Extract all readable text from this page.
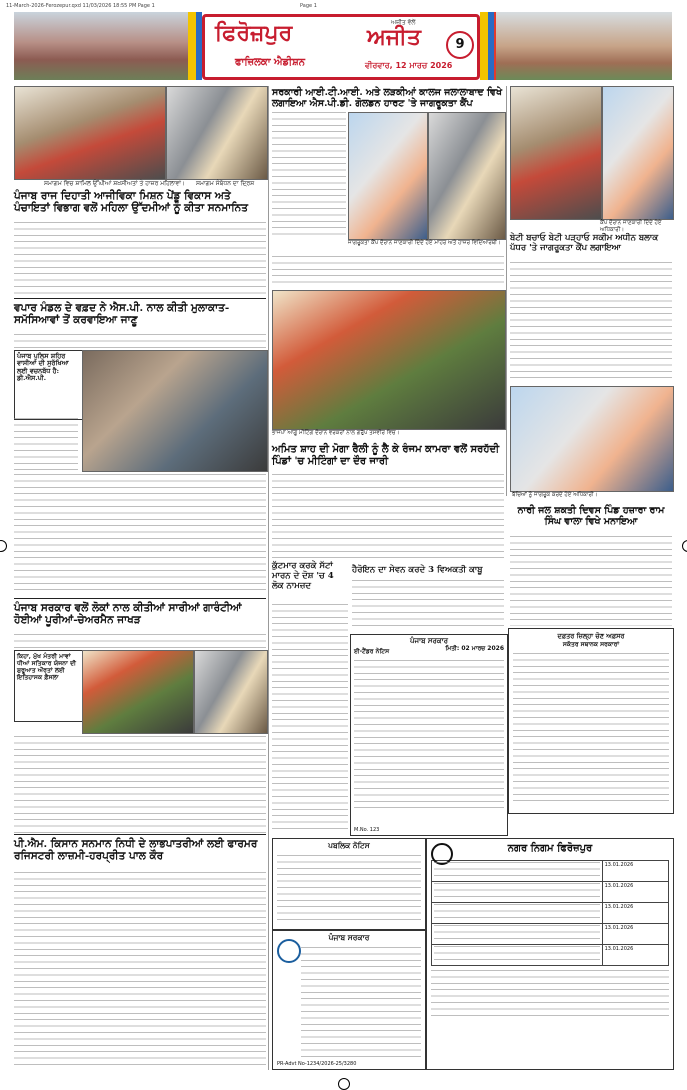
11-March-2026-Ferozepur.qxd 11/03/2026 18:55 PM Page 1	Page 1
ਫਿਰੋਜ਼ਪੁਰ	ਅਜੀਤ ਵੱਲੋਂ
ਅਜੀਤ
ਫਾਜ਼ਿਲਕਾ ਐਡੀਸ਼ਨ	ਵੀਰਵਾਰ, 12 ਮਾਰਚ 2026
9
ਸਮਾਗਮ ਵਿਚ ਸ਼ਾਮਿਲ ਉੱਘੀਆਂ ਸ਼ਖ਼ਸੀਅਤਾਂ ਤੇ ਹਾਜ਼ਰ ਮਹਿਲਾਵਾਂ। ਸਮਾਗਮ ਸੰਬੋਧਨ ਦਾ ਦ੍ਰਿਸ਼
ਪੰਜਾਬ ਰਾਜ ਦਿਹਾਤੀ ਆਜੀਵਿਕਾ ਮਿਸ਼ਨ ਪੇਂਡੂ ਵਿਕਾਸ ਅਤੇ ਪੰਚਾਇਤਾਂ ਵਿਭਾਗ ਵਲੋਂ ਮਹਿਲਾ ਉੱਦਮੀਆਂ ਨੂੰ ਕੀਤਾ ਸਨਮਾਨਿਤ
ਵਪਾਰ ਮੰਡਲ ਦੇ ਵਫ਼ਦ ਨੇ ਐਸ.ਪੀ. ਨਾਲ ਕੀਤੀ ਮੁਲਾਕਾਤ-ਸਮੱਸਿਆਵਾਂ ਤੋਂ ਕਰਵਾਇਆ ਜਾਣੂ
ਪੰਜਾਬ ਪੁਲਿਸ ਸ਼ਹਿਰ ਵਾਸੀਆਂ ਦੀ ਸੁਰੱਖਿਆ ਲਈ ਵਚਨਬੱਧ ਹੈ: ਡੀ.ਐਸ.ਪੀ.
ਪੰਜਾਬ ਸਰਕਾਰ ਵਲੋਂ ਲੋਕਾਂ ਨਾਲ ਕੀਤੀਆਂ ਸਾਰੀਆਂ ਗਾਰੰਟੀਆਂ ਹੋਈਆਂ ਪੂਰੀਆਂ-ਚੇਅਰਮੈਨ ਜਾਖੜ
ਕਿਹਾ, ਮੁੱਖ ਮੰਤਰੀ ਮਾਵਾਂ ਧੀਆਂ ਸਤਿਕਾਰ ਯੋਜਨਾ ਦੀ ਸ਼ੁਰੂਆਤ ਔਰਤਾਂ ਲਈ ਇਤਿਹਾਸਕ ਫ਼ੈਸਲਾ
ਪੀ.ਐਮ. ਕਿਸਾਨ ਸਨਮਾਨ ਨਿਧੀ ਦੇ ਲਾਭਪਾਤਰੀਆਂ ਲਈ ਫਾਰਮਰ ਰਜਿਸਟਰੀ ਲਾਜ਼ਮੀ-ਹਰਪ੍ਰੀਤ ਪਾਲ ਕੌਰ
ਸਰਕਾਰੀ ਆਈ.ਟੀ.ਆਈ. ਅਤੇ ਲੜਕੀਆਂ ਕਾਲਜ ਜਲਾਲਾਬਾਦ ਵਿਖੇ ਲਗਾਇਆ ਐਸ.ਪੀ.ਡੀ. ਗੋਲਡਨ ਹਾਰਟ 'ਤੇ ਜਾਗਰੂਕਤਾ ਕੈਂਪ
ਜਾਗਰੂਕਤਾ ਕੈਂਪ ਦੌਰਾਨ ਜਾਣਕਾਰੀ ਦਿੰਦੇ ਹੋਏ ਮਾਹਰ ਅਤੇ ਹਾਜ਼ਰ ਵਿਦਿਆਰਥੀ।
ਭਾਜਪਾ ਆਗੂ ਮੀਟਿੰਗ ਦੌਰਾਨ ਵਰਕਰਾਂ ਨਾਲ ਗਰੁੱਪ ਤਸਵੀਰ ਵਿਚ।
ਅਮਿਤ ਸ਼ਾਹ ਦੀ ਮੋਗਾ ਰੈਲੀ ਨੂੰ ਲੈ ਕੇ ਰੰਜਮ ਕਾਮਰਾ ਵਲੋਂ ਸਰਹੱਦੀ ਪਿੰਡਾਂ 'ਚ ਮੀਟਿੰਗਾਂ ਦਾ ਦੌਰ ਜਾਰੀ
ਕੁੱਟਮਾਰ ਕਰਕੇ ਸੱਟਾਂ ਮਾਰਨ ਦੇ ਦੋਸ਼ 'ਚ 4 ਲੋਕ ਨਾਮਜ਼ਦ
ਹੈਰੋਇਨ ਦਾ ਸੇਵਨ ਕਰਦੇ 3 ਵਿਅਕਤੀ ਕਾਬੂ
ਪੰਜਾਬ ਸਰਕਾਰ
ਈ-ਟੈਂਡਰ ਨੋਟਿਸ	ਮਿਤੀ: 02 ਮਾਰਚ 2026
M.No. 123
ਪਬਲਿਕ ਨੋਟਿਸ
ਪੰਜਾਬ ਸਰਕਾਰ
PR-Advt No-1234/2026-25/3280
ਕੈਂਪ ਦੌਰਾਨ ਜਾਣਕਾਰੀ ਦਿੰਦੇ ਹੋਏ ਅਧਿਕਾਰੀ।
ਬੇਟੀ ਬਚਾਓ ਬੇਟੀ ਪੜ੍ਹਾਓ ਸਕੀਮ ਅਧੀਨ ਬਲਾਕ ਪੱਧਰ 'ਤੇ ਜਾਗਰੂਕਤਾ ਕੈਂਪ ਲਗਾਇਆ
ਬੱਚਿਆਂ ਨੂੰ ਜਾਗਰੂਕ ਕਰਦੇ ਹੋਏ ਅਧਿਕਾਰੀ।
ਨਾਰੀ ਜਲ ਸ਼ਕਤੀ ਦਿਵਸ ਪਿੰਡ ਹਜ਼ਾਰਾ ਰਾਮ ਸਿੰਘ ਵਾਲਾ ਵਿਖੇ ਮਨਾਇਆ
ਦਫ਼ਤਰ ਜ਼ਿਲ੍ਹਾ ਚੋਣ ਅਫ਼ਸਰ
ਸਕੱਤਰ ਸਥਾਨਕ ਸਰਕਾਰਾਂ
ਨਗਰ ਨਿਗਮ ਫਿਰੋਜ਼ਪੁਰ
	13.01.2026

	13.01.2026

	13.01.2026

	13.01.2026

	13.01.2026
